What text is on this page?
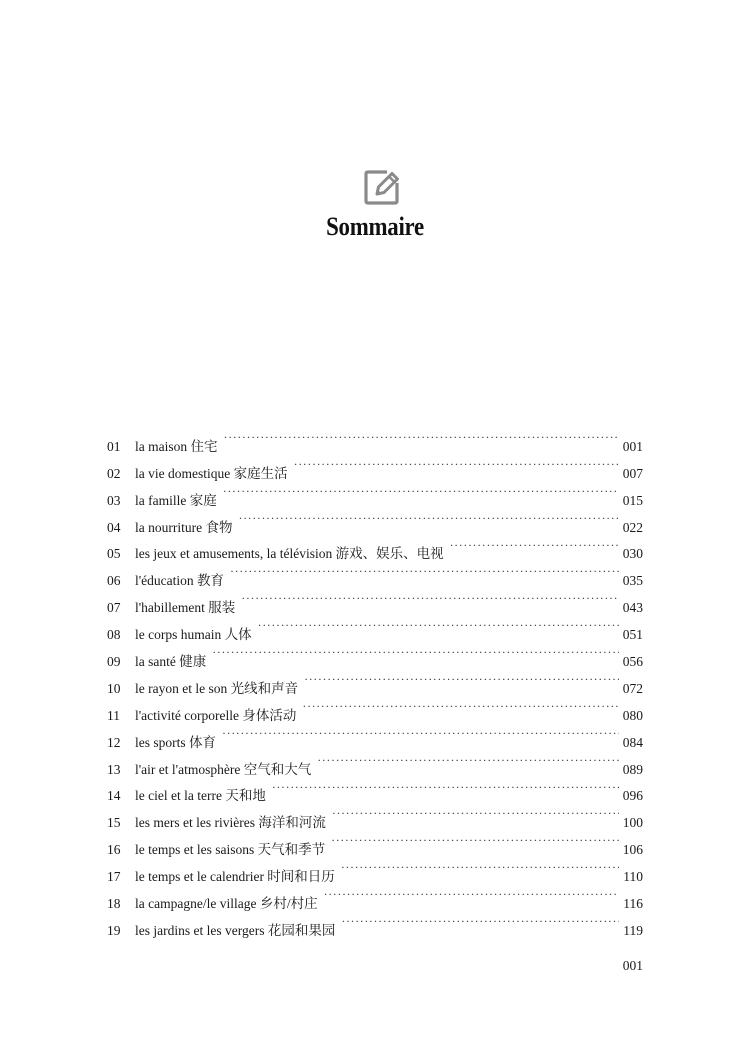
Sommaire
01	la maison 住宅 ·····	001
02	la vie domestique 家庭生活 ·····	007
03	la famille 家庭 ·····	015
04	la nourriture 食物 ·····	022
05	les jeux et amusements, la télévision 游戏、娱乐、电视 ·····	030
06	l'éducation 教育 ·····	035
07	l'habillement 服装 ·····	043
08	le corps humain 人体 ·····	051
09	la santé 健康 ·····	056
10	le rayon et le son 光线和声音 ·····	072
11	l'activité corporelle 身体活动 ·····	080
12	les sports 体育 ·····	084
13	l'air et l'atmosphère 空气和大气 ·····	089
14	le ciel et la terre 天和地 ·····	096
15	les mers et les rivières 海洋和河流 ·····	100
16	le temps et les saisons 天气和季节 ·····	106
17	le temps et le calendrier 时间和日历 ·····	110
18	la campagne/le village 乡村/村庄 ·····	116
19	les jardins et les vergers 花园和果园 ·····	119
001
